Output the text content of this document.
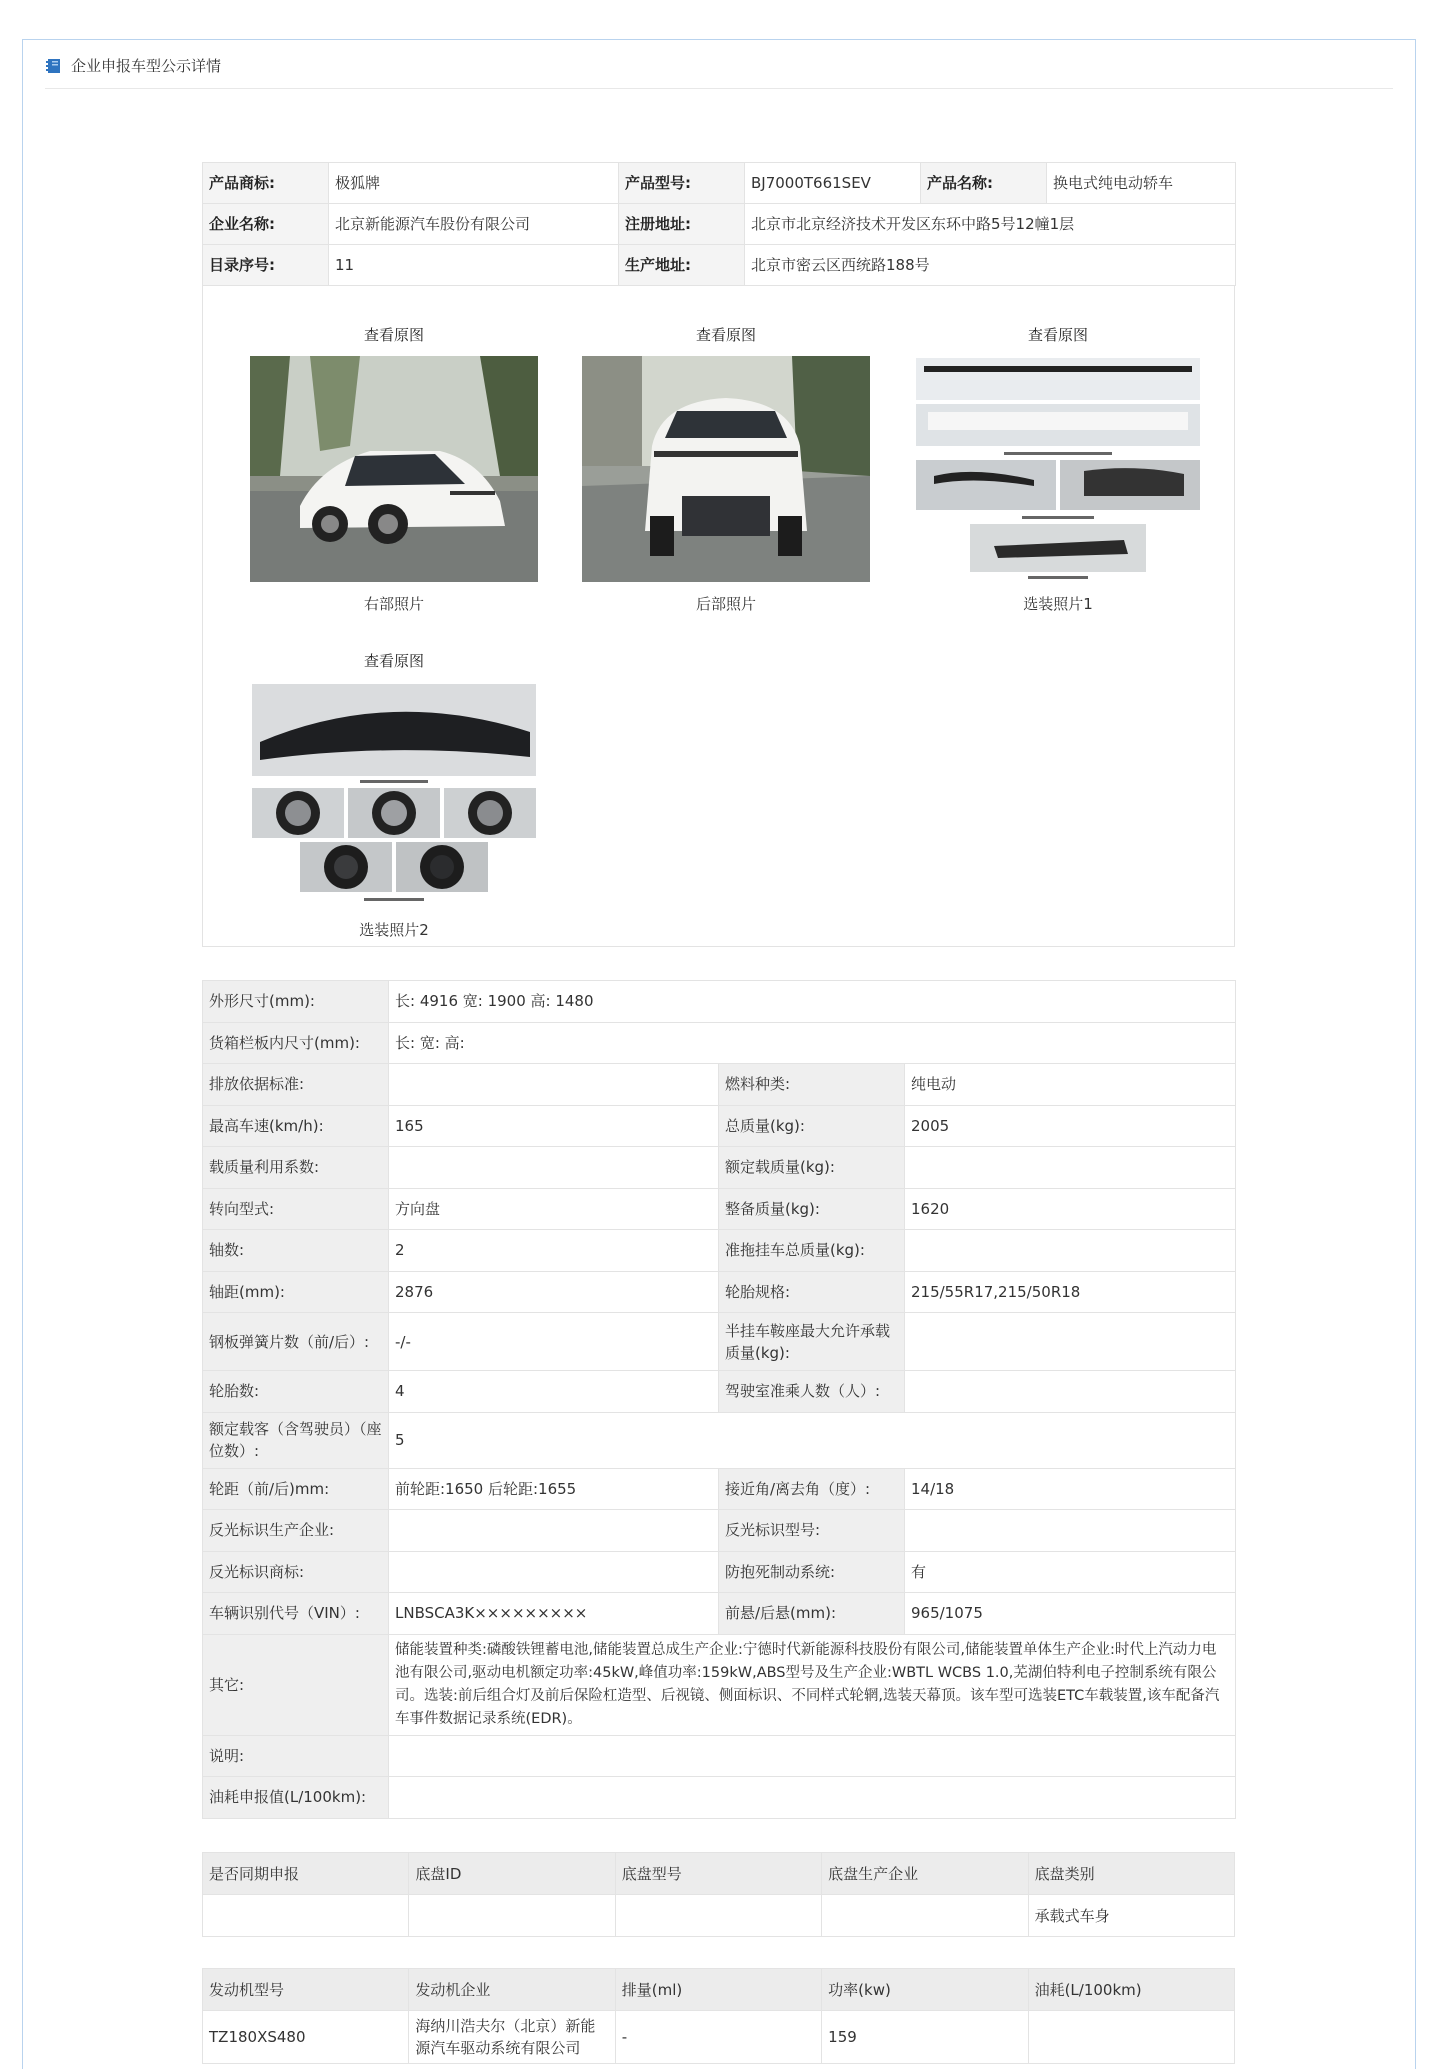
企业申报车型公示详情
产品商标:	极狐牌	产品型号:	BJ7000T661SEV	产品名称:	换电式纯电动轿车
企业名称:	北京新能源汽车股份有限公司	注册地址:	北京市北京经济技术开发区东环中路5号12幢1层		
目录序号:	11	生产地址:	北京市密云区西统路188号		
查看原图
右部照片
查看原图
后部照片
查看原图
选装照片1
查看原图
选装照片2
外形尺寸(mm):	长: 4916 宽: 1900 高: 1480		
货箱栏板内尺寸(mm):	长: 宽: 高:		
排放依据标准:		燃料种类:	纯电动
最高车速(km/h):	165	总质量(kg):	2005
载质量利用系数:		额定载质量(kg):	
转向型式:	方向盘	整备质量(kg):	1620
轴数:	2	准拖挂车总质量(kg):	
轴距(mm):	2876	轮胎规格:	215/55R17,215/50R18
钢板弹簧片数（前/后）:	-/-	半挂车鞍座最大允许承载质量(kg):	
轮胎数:	4	驾驶室准乘人数（人）:	
额定载客（含驾驶员）（座位数）:	5		
轮距（前/后)mm:	前轮距:1650 后轮距:1655	接近角/离去角（度）:	14/18
反光标识生产企业:		反光标识型号:	
反光标识商标:		防抱死制动系统:	有
车辆识别代号（VIN）:	LNBSCA3K×××××××××	前悬/后悬(mm):	965/1075
其它:	储能装置种类:磷酸铁锂蓄电池,储能装置总成生产企业:宁德时代新能源科技股份有限公司,储能装置单体生产企业:时代上汽动力电池有限公司,驱动电机额定功率:45kW,峰值功率:159kW,ABS型号及生产企业:WBTL WCBS 1.0,芜湖伯特利电子控制系统有限公司。选装:前后组合灯及前后保险杠造型、后视镜、侧面标识、不同样式轮辋,选装天幕顶。该车型可选装ETC车载装置,该车配备汽车事件数据记录系统(EDR)。		
说明:			
油耗申报值(L/100km):			
是否同期申报	底盘ID	底盘型号	底盘生产企业	底盘类别
				承载式车身
发动机型号	发动机企业	排量(ml)	功率(kw)	油耗(L/100km)
TZ180XS480	海纳川浩夫尔（北京）新能源汽车驱动系统有限公司	-	159	
